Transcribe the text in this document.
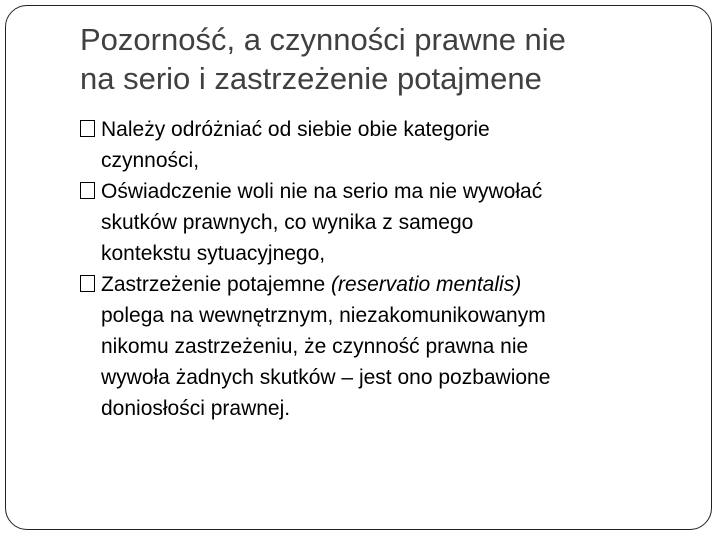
Pozorność, a czynności prawne nie
na serio i zastrzeżenie potajmene
Należy odróżniać od siebie obie kategorie
czynności,
Oświadczenie woli nie na serio ma nie wywołać
skutków prawnych, co wynika z samego
kontekstu sytuacyjnego,
Zastrzeżenie potajemne (reservatio mentalis)
polega na wewnętrznym, niezakomunikowanym
nikomu zastrzeżeniu, że czynność prawna nie
wywoła żadnych skutków – jest ono pozbawione
doniosłości prawnej.
